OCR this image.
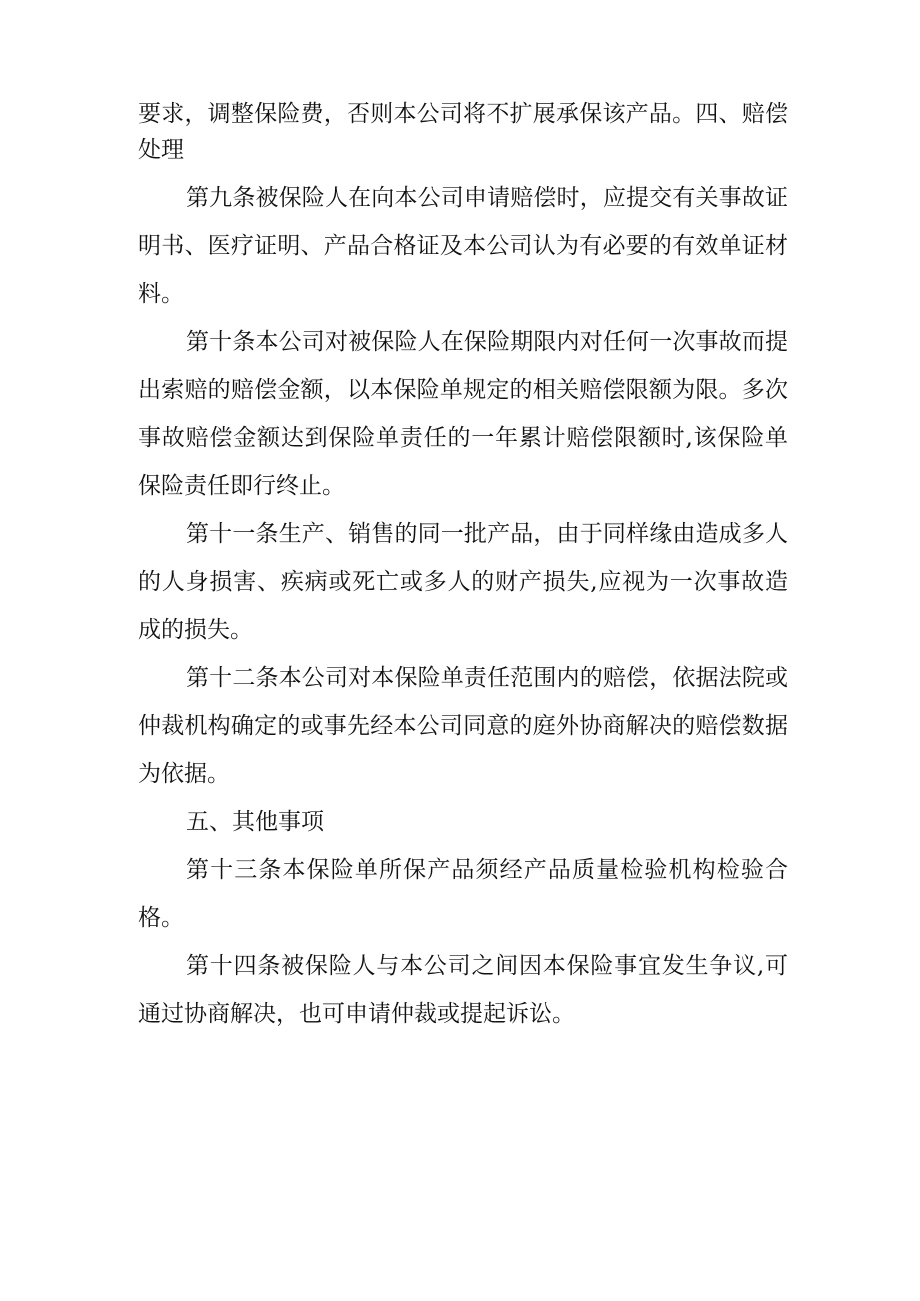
要求，调整保险费，否则本公司将不扩展承保该产品。四、赔偿处理

第九条被保险人在向本公司申请赔偿时，应提交有关事故证明书、医疗证明、产品合格证及本公司认为有必要的有效单证材料。

第十条本公司对被保险人在保险期限内对任何一次事故而提出索赔的赔偿金额，以本保险单规定的相关赔偿限额为限。多次事故赔偿金额达到保险单责任的一年累计赔偿限额时,该保险单保险责任即行终止。

第十一条生产、销售的同一批产品，由于同样缘由造成多人的人身损害、疾病或死亡或多人的财产损失,应视为一次事故造成的损失。

第十二条本公司对本保险单责任范围内的赔偿，依据法院或仲裁机构确定的或事先经本公司同意的庭外协商解决的赔偿数据为依据。

五、其他事项

第十三条本保险单所保产品须经产品质量检验机构检验合格。

第十四条被保险人与本公司之间因本保险事宜发生争议,可通过协商解决，也可申请仲裁或提起诉讼。
